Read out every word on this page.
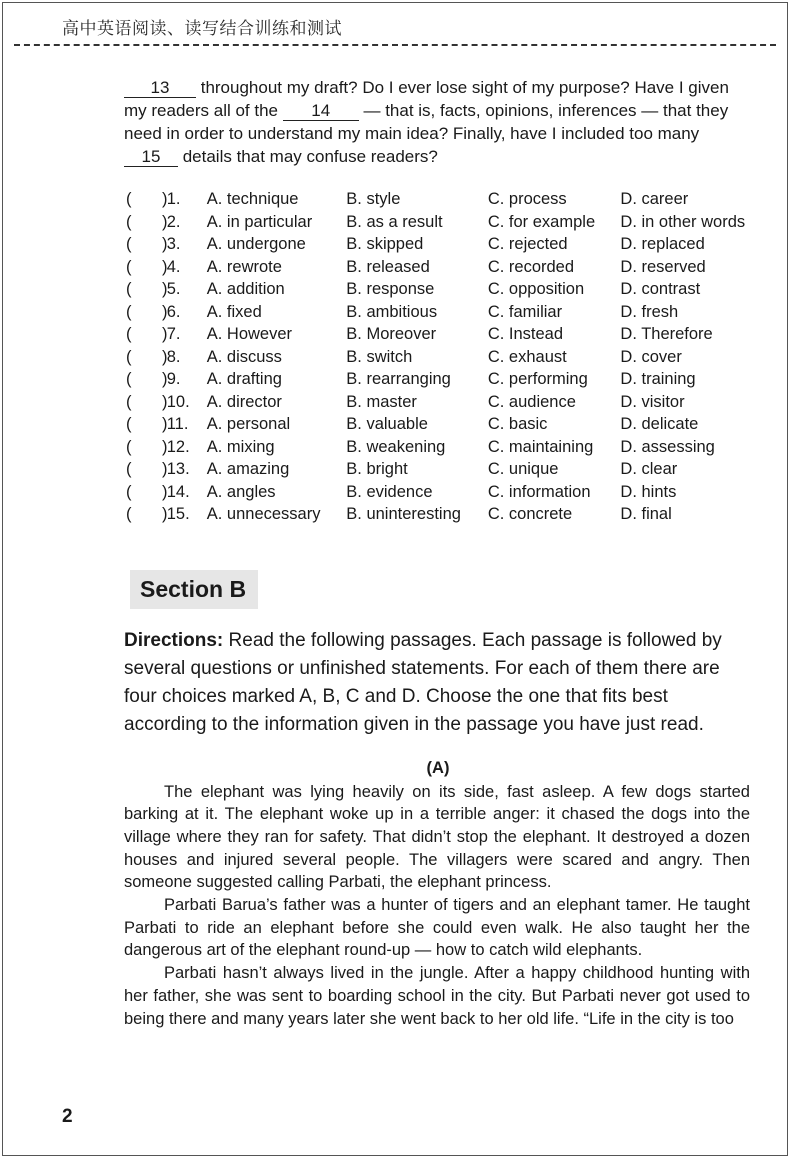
高中英语阅读、读写结合训练和测试

13 throughout my draft? Do I ever lose sight of my purpose? Have I given

my readers all of the 14 — that is, facts, opinions, inferences — that they

need in order to understand my main idea? Finally, have I included too many

15 details that may confuse readers?

(	) 1.	A. technique	B. style	C. process	D. career
(	) 2.	A. in particular	B. as a result	C. for example	D. in other words
(	) 3.	A. undergone	B. skipped	C. rejected	D. replaced
(	) 4.	A. rewrote	B. released	C. recorded	D. reserved
(	) 5.	A. addition	B. response	C. opposition	D. contrast
(	) 6.	A. fixed	B. ambitious	C. familiar	D. fresh
(	) 7.	A. However	B. Moreover	C. Instead	D. Therefore
(	) 8.	A. discuss	B. switch	C. exhaust	D. cover
(	) 9.	A. drafting	B. rearranging	C. performing	D. training
(	) 10.	A. director	B. master	C. audience	D. visitor
(	) 11.	A. personal	B. valuable	C. basic	D. delicate
(	) 12.	A. mixing	B. weakening	C. maintaining	D. assessing
(	) 13.	A. amazing	B. bright	C. unique	D. clear
(	) 14.	A. angles	B. evidence	C. information	D. hints
(	) 15.	A. unnecessary	B. uninteresting	C. concrete	D. final
Section B
Directions: Read the following passages. Each passage is followed by several questions or unfinished statements. For each of them there are four choices marked A, B, C and D. Choose the one that fits best according to the information given in the passage you have just read.
(A)

The elephant was lying heavily on its side, fast asleep. A few dogs started barking at it. The elephant woke up in a terrible anger: it chased the dogs into the village where they ran for safety. That didn’t stop the elephant. It destroyed a dozen houses and injured several people. The villagers were scared and angry. Then someone suggested calling Parbati, the elephant princess.

Parbati Barua’s father was a hunter of tigers and an elephant tamer. He taught Parbati to ride an elephant before she could even walk. He also taught her the dangerous art of the elephant round-up — how to catch wild elephants.

Parbati hasn’t always lived in the jungle. After a happy childhood hunting with her father, she was sent to boarding school in the city. But Parbati never got used to being there and many years later she went back to her old life. “Life in the city is too

2
